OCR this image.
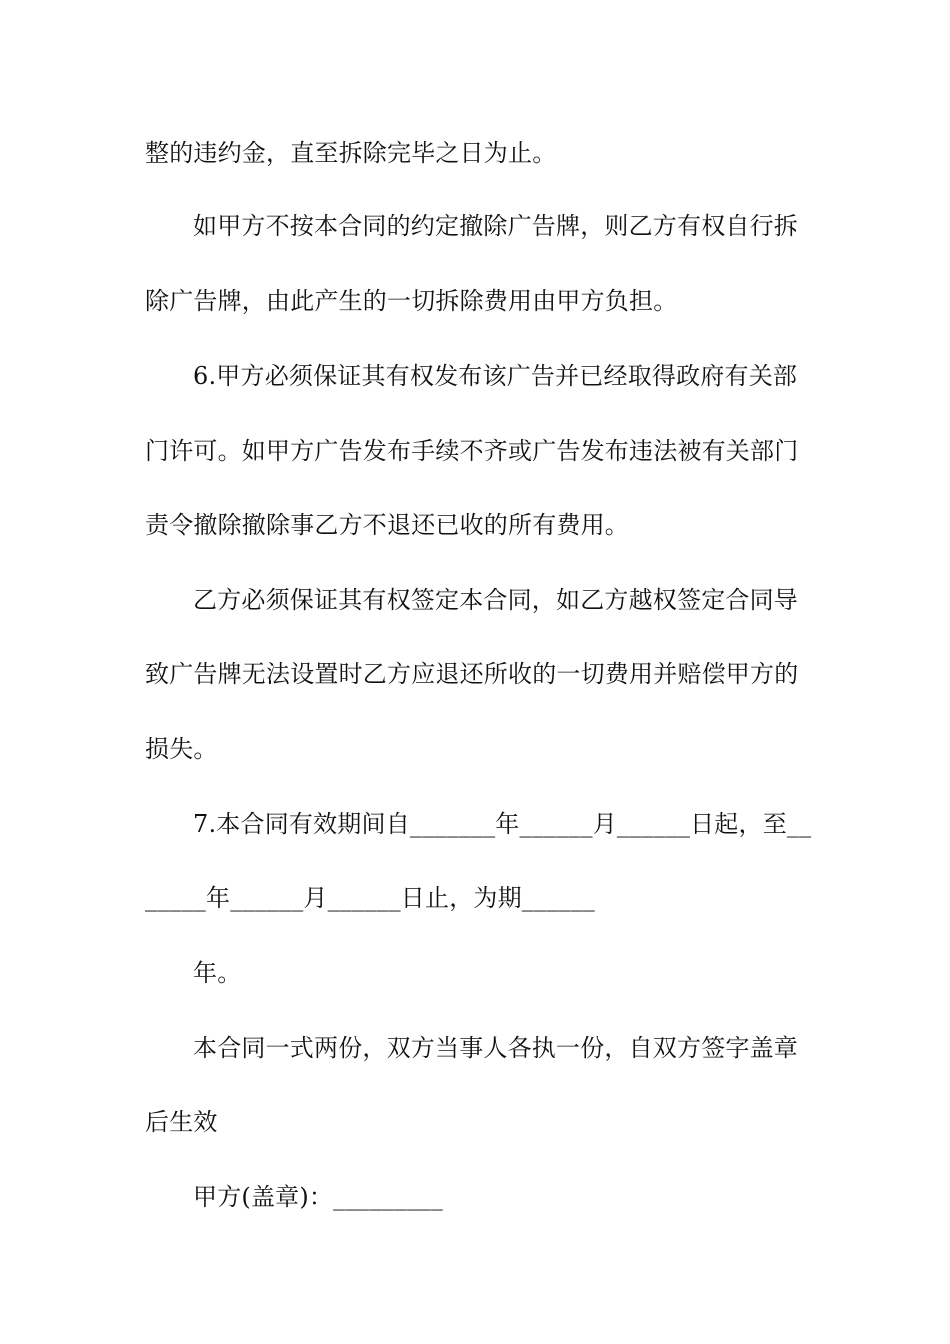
整的违约金，直至拆除完毕之日为止。
如甲方不按本合同的约定撤除广告牌，则乙方有权自行拆
除广告牌，由此产生的一切拆除费用由甲方负担。
6.甲方必须保证其有权发布该广告并已经取得政府有关部
门许可。如甲方广告发布手续不齐或广告发布违法被有关部门
责令撤除撤除事乙方不退还已收的所有费用。
乙方必须保证其有权签定本合同，如乙方越权签定合同导
致广告牌无法设置时乙方应退还所收的一切费用并赔偿甲方的
损失。
7.本合同有效期间自_______年______月______日起，至__
_____年______月______日止，为期______
年。
本合同一式两份，双方当事人各执一份，自双方签字盖章
后生效
甲方(盖章)：_________
